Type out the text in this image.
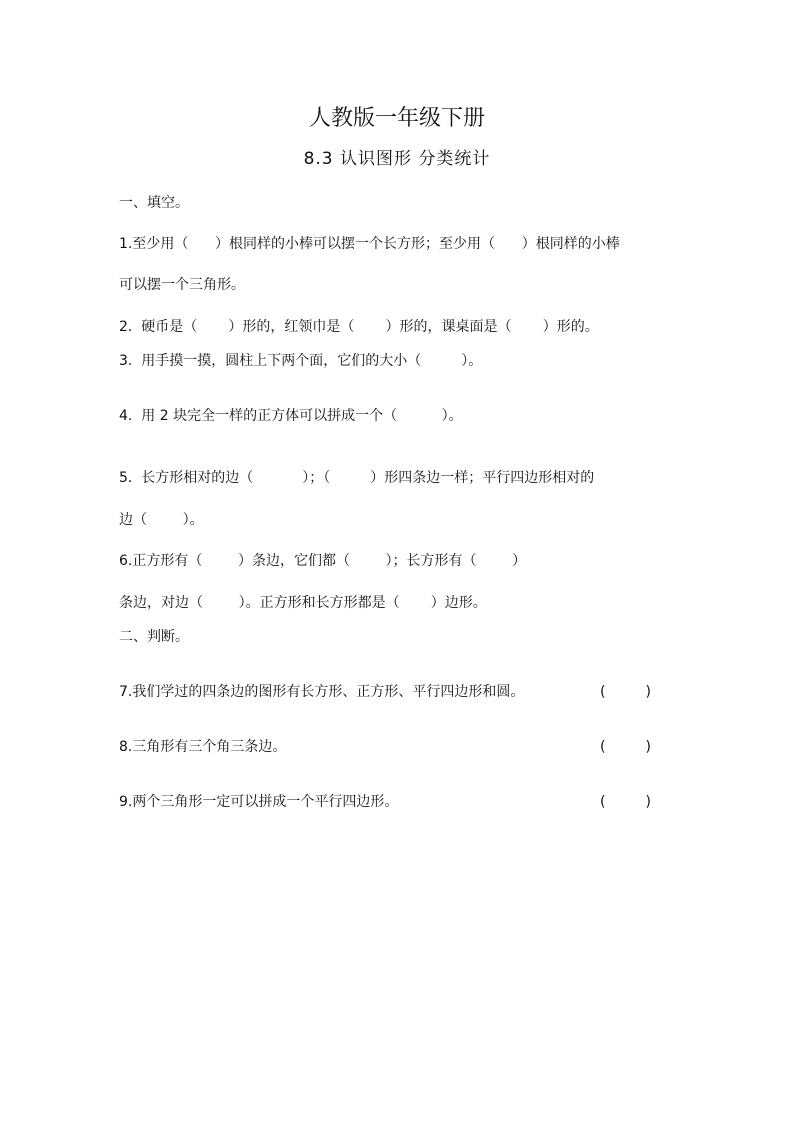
人教版一年级下册
8.3 认识图形 分类统计
一、填空。
1.至少用（      ）根同样的小棒可以摆一个长方形；至少用（      ）根同样的小棒
可以摆一个三角形。
2.  硬币是（       ）形的，红领巾是（       ）形的，课桌面是（       ）形的。
3.  用手摸一摸，圆柱上下两个面，它们的大小（         ）。
4.  用 2 块完全一样的正方体可以拼成一个（          ）。
5.  长方形相对的边（           ）；（         ）形四条边一样；平行四边形相对的
边（        ）。
6.正方形有（        ）条边，它们都（        ）；长方形有（        ）
条边，对边（        ）。正方形和长方形都是（       ）边形。
二、判断。
7.我们学过的四条边的图形有长方形、正方形、平行四边形和圆。	(         )
8.三角形有三个角三条边。	(         )
9.两个三角形一定可以拼成一个平行四边形。	(         )
